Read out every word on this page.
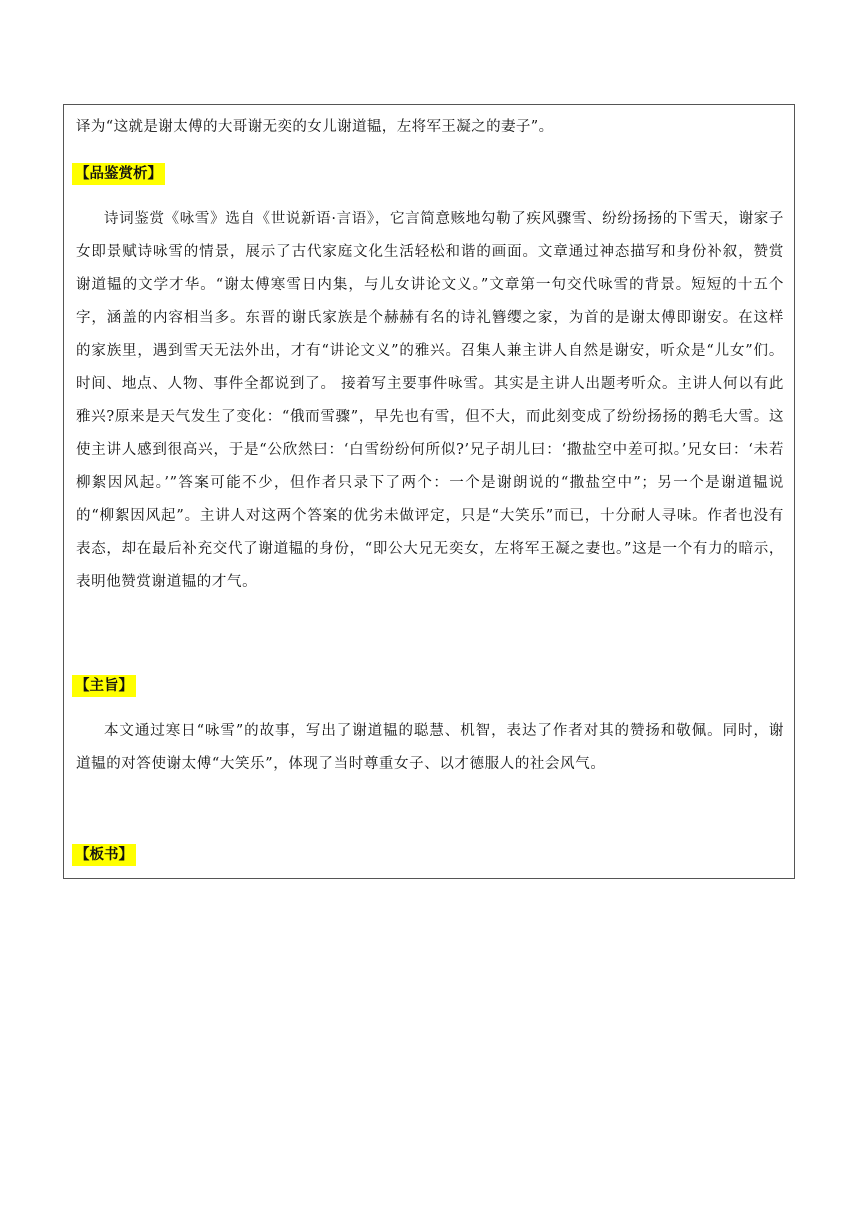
译为“这就是谢太傅的大哥谢无奕的女儿谢道韫，左将军王凝之的妻子”。
【品鉴赏析】
诗词鉴赏《咏雪》选自《世说新语·言语》，它言简意赅地勾勒了疾风骤雪、纷纷扬扬的下雪天，谢家子女即景赋诗咏雪的情景，展示了古代家庭文化生活轻松和谐的画面。文章通过神态描写和身份补叙，赞赏谢道韫的文学才华。“谢太傅寒雪日内集，与儿女讲论文义。”文章第一句交代咏雪的背景。短短的十五个字，涵盖的内容相当多。东晋的谢氏家族是个赫赫有名的诗礼簪缨之家，为首的是谢太傅即谢安。在这样的家族里，遇到雪天无法外出，才有“讲论文义”的雅兴。召集人兼主讲人自然是谢安，听众是“儿女”们。时间、地点、人物、事件全都说到了。 接着写主要事件咏雪。其实是主讲人出题考听众。主讲人何以有此雅兴?原来是天气发生了变化：“俄而雪骤”，早先也有雪，但不大，而此刻变成了纷纷扬扬的鹅毛大雪。这使主讲人感到很高兴，于是“公欣然曰：‘白雪纷纷何所似?’兄子胡儿曰：‘撒盐空中差可拟。’兄女曰：‘未若柳絮因风起。’”答案可能不少，但作者只录下了两个：一个是谢朗说的“撒盐空中”；另一个是谢道韫说的“柳絮因风起”。主讲人对这两个答案的优劣未做评定，只是“大笑乐”而已，十分耐人寻味。作者也没有表态，却在最后补充交代了谢道韫的身份，“即公大兄无奕女，左将军王凝之妻也。”这是一个有力的暗示，表明他赞赏谢道韫的才气。
【主旨】
本文通过寒日“咏雪”的故事，写出了谢道韫的聪慧、机智，表达了作者对其的赞扬和敬佩。同时，谢道韫的对答使谢太傅“大笑乐”，体现了当时尊重女子、以才德服人的社会风气。
【板书】
